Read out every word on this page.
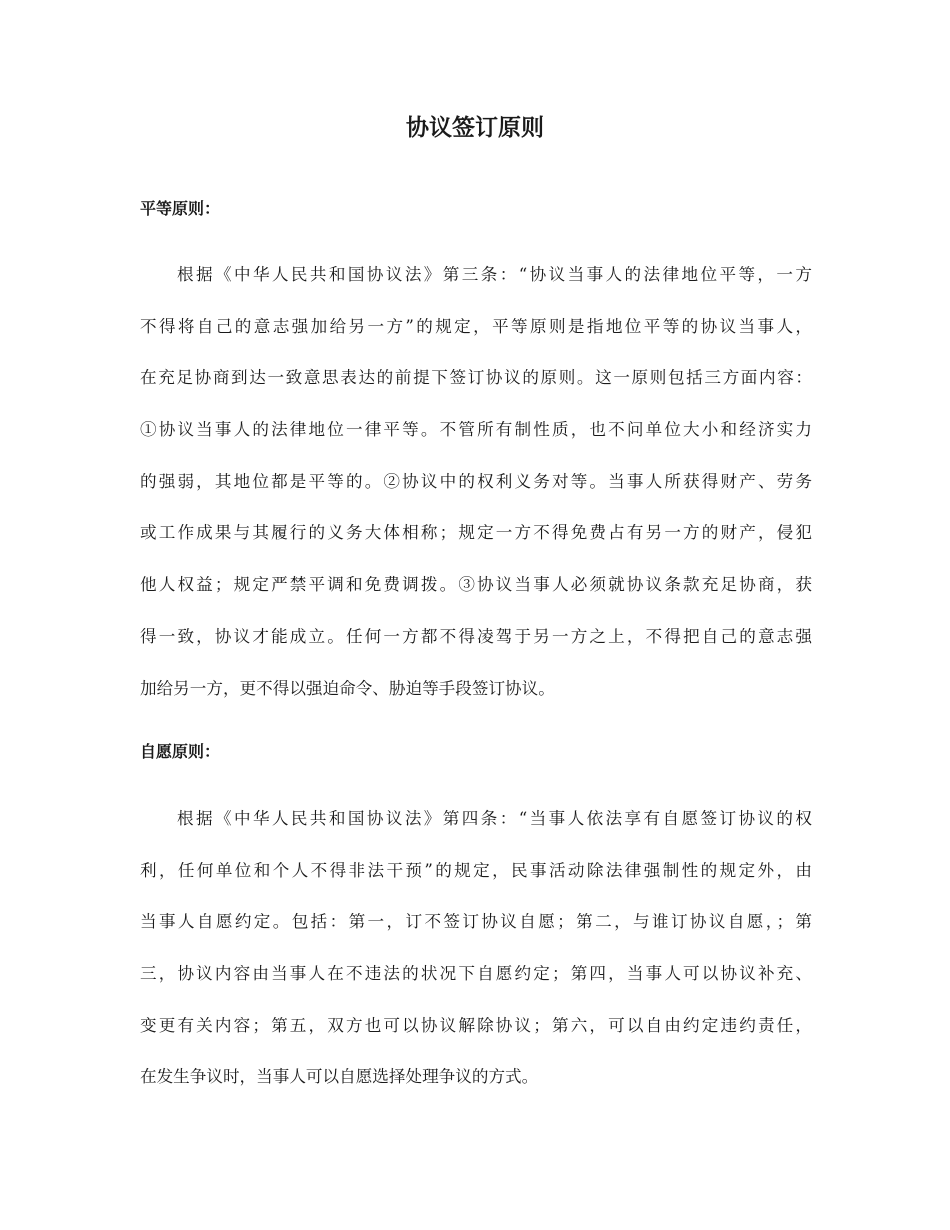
协议签订原则
平等原则：
根据《中华人民共和国协议法》第三条：“协议当事人的法律地位平等，一方
不得将自己的意志强加给另一方”的规定，平等原则是指地位平等的协议当事人，
在充足协商到达一致意思表达的前提下签订协议的原则。这一原则包括三方面内容：
①协议当事人的法律地位一律平等。不管所有制性质，也不问单位大小和经济实力
的强弱，其地位都是平等的。②协议中的权利义务对等。当事人所获得财产、劳务
或工作成果与其履行的义务大体相称；规定一方不得免费占有另一方的财产，侵犯
他人权益；规定严禁平调和免费调拨。③协议当事人必须就协议条款充足协商，获
得一致，协议才能成立。任何一方都不得凌驾于另一方之上，不得把自己的意志强
加给另一方，更不得以强迫命令、胁迫等手段签订协议。
自愿原则：
根据《中华人民共和国协议法》第四条：“当事人依法享有自愿签订协议的权
利，任何单位和个人不得非法干预”的规定，民事活动除法律强制性的规定外，由
当事人自愿约定。包括：第一，订不签订协议自愿；第二，与谁订协议自愿，；第
三，协议内容由当事人在不违法的状况下自愿约定；第四，当事人可以协议补充、
变更有关内容；第五，双方也可以协议解除协议；第六，可以自由约定违约责任，
在发生争议时，当事人可以自愿选择处理争议的方式。
